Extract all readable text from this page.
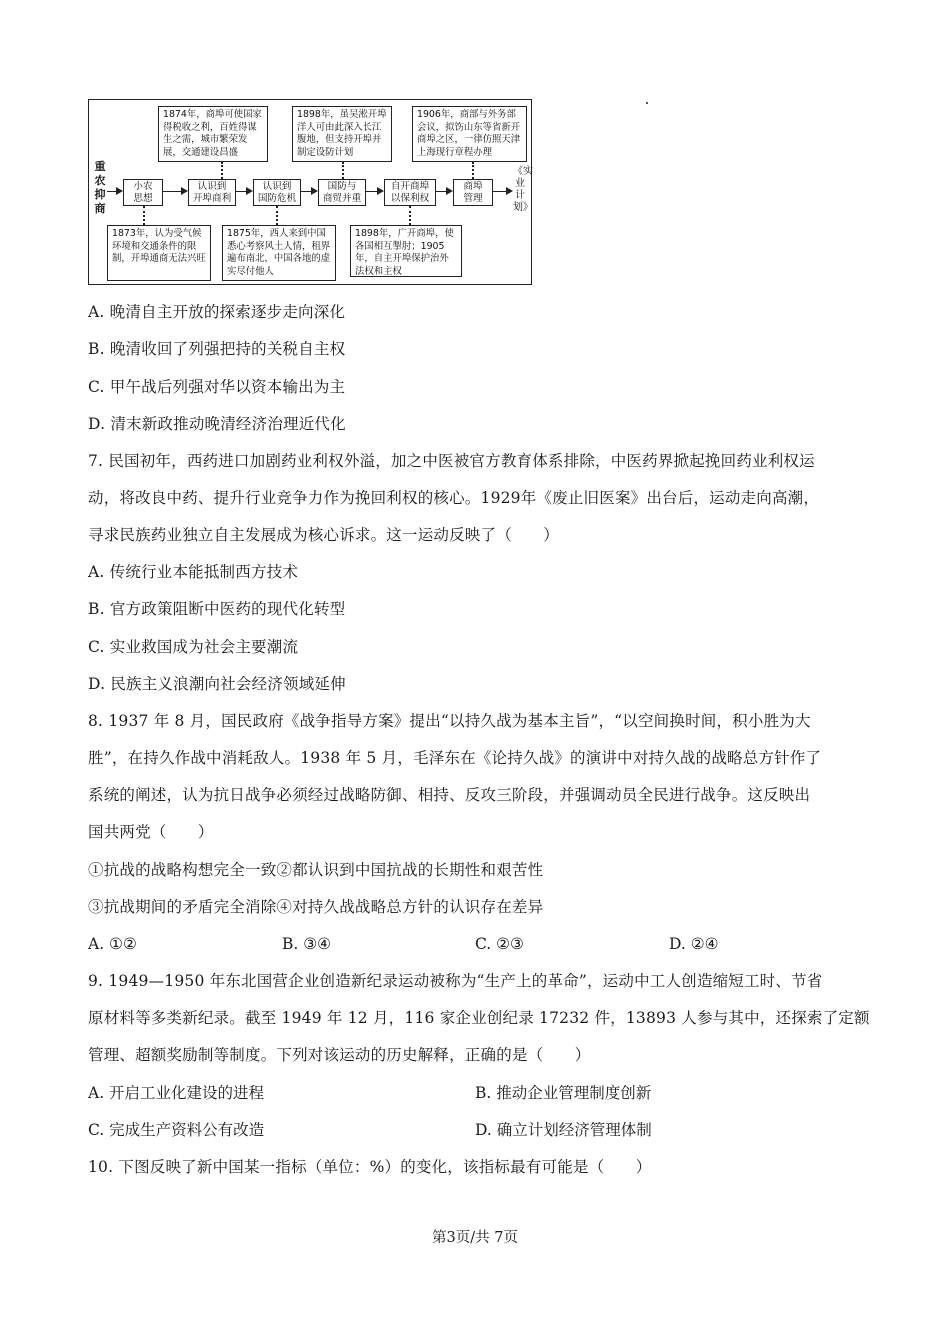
重农抑商
《实业计划》
1874年，商埠可使国家得税收之利，百姓得谋生之需，城市繁荣发展，交通建设昌盛
1898年，虽吴淞开埠洋人可由此深入长江腹地，但支持开埠并制定设防计划
1906年，商部与外务部会议，拟饬山东等省新开商埠之区，一律仿照天津上海现行章程办理
小农
思想
认识到
开埠商利
认识到
国防危机
国防与
商贸并重
自开商埠
以保利权
商埠
管理
1873年，认为受气候环境和交通条件的限制，开埠通商无法兴旺
1875年，西人来到中国悉心考察风土人情，租界遍布南北，中国各地的虚实尽付他人
1898年，广开商埠，使各国相互掣肘；1905年，自主开埠保护治外法权和主权
A. 晚清自主开放的探索逐步走向深化
B. 晚清收回了列强把持的关税自主权
C. 甲午战后列强对华以资本输出为主
D. 清末新政推动晚清经济治理近代化
7. 民国初年，西药进口加剧药业利权外溢，加之中医被官方教育体系排除，中医药界掀起挽回药业利权运
动，将改良中药、提升行业竞争力作为挽回利权的核心。1929年《废止旧医案》出台后，运动走向高潮，
寻求民族药业独立自主发展成为核心诉求。这一运动反映了（　　）
A. 传统行业本能抵制西方技术
B. 官方政策阻断中医药的现代化转型
C. 实业救国成为社会主要潮流
D. 民族主义浪潮向社会经济领域延伸
8. 1937 年 8 月，国民政府《战争指导方案》提出“以持久战为基本主旨”，“以空间换时间，积小胜为大
胜”，在持久作战中消耗敌人。1938 年 5 月，毛泽东在《论持久战》的演讲中对持久战的战略总方针作了
系统的阐述，认为抗日战争必须经过战略防御、相持、反攻三阶段，并强调动员全民进行战争。这反映出
国共两党（　　）
①抗战的战略构想完全一致②都认识到中国抗战的长期性和艰苦性
③抗战期间的矛盾完全消除④对持久战战略总方针的认识存在差异
A. ①②	B. ③④	C. ②③	D. ②④
9. 1949—1950 年东北国营企业创造新纪录运动被称为“生产上的革命”，运动中工人创造缩短工时、节省
原材料等多类新纪录。截至 1949 年 12 月，116 家企业创纪录 17232 件，13893 人参与其中，还探索了定额
管理、超额奖励制等制度。下列对该运动的历史解释，正确的是（　　）
A. 开启工业化建设的进程	B. 推动企业管理制度创新
C. 完成生产资料公有改造	D. 确立计划经济管理体制
10. 下图反映了新中国某一指标（单位：%）的变化，该指标最有可能是（　　）
第3页/共 7页
